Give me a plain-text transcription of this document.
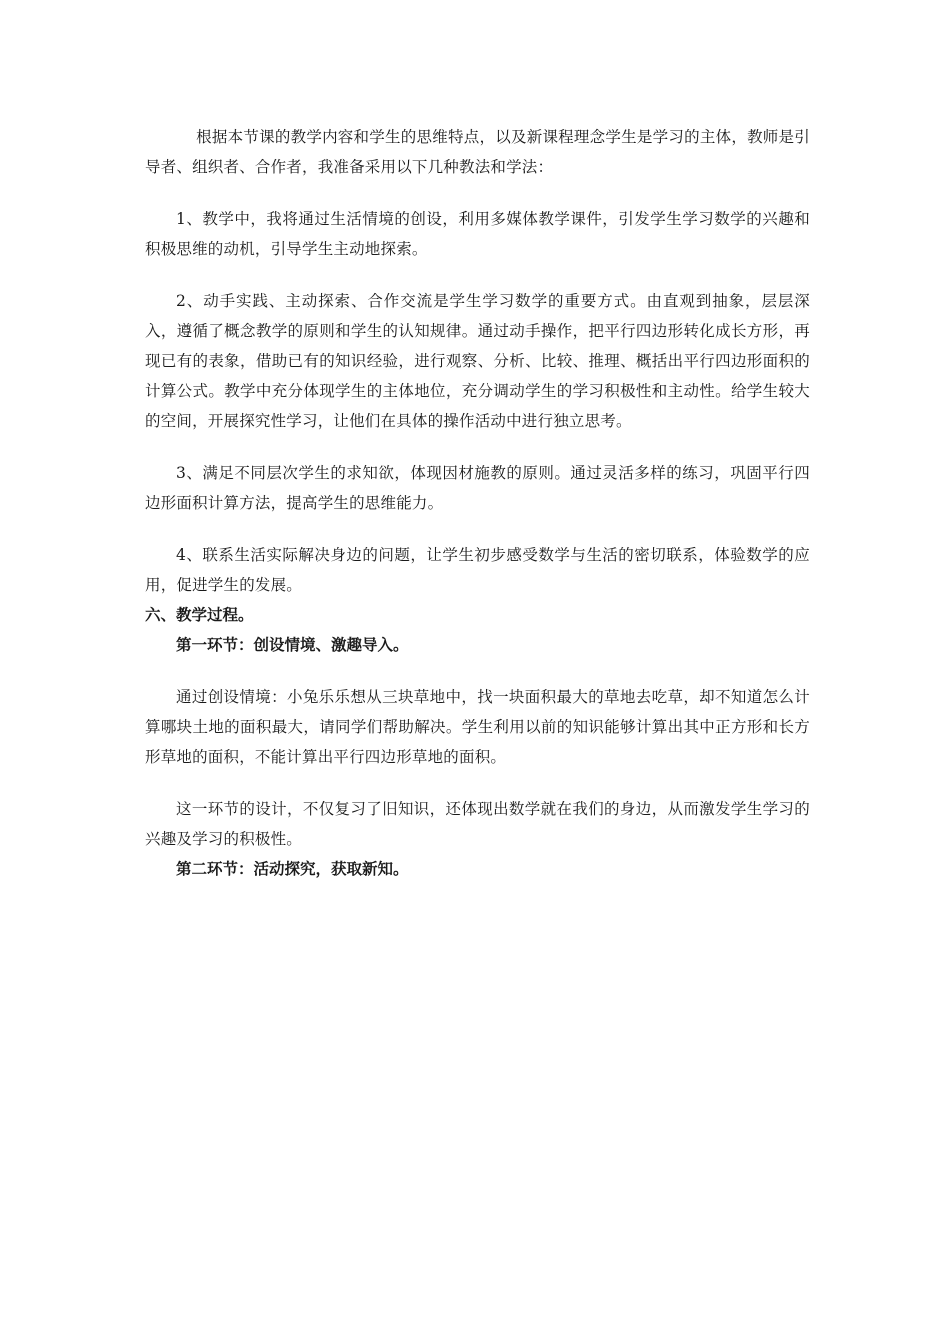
根据本节课的教学内容和学生的思维特点，以及新课程理念学生是学习的主体，教师是引导者、组织者、合作者，我准备采用以下几种教法和学法：

1、教学中，我将通过生活情境的创设，利用多媒体教学课件，引发学生学习数学的兴趣和积极思维的动机，引导学生主动地探索。

2、动手实践、主动探索、合作交流是学生学习数学的重要方式。由直观到抽象，层层深入，遵循了概念教学的原则和学生的认知规律。通过动手操作，把平行四边形转化成长方形，再现已有的表象，借助已有的知识经验，进行观察、分析、比较、推理、概括出平行四边形面积的计算公式。教学中充分体现学生的主体地位，充分调动学生的学习积极性和主动性。给学生较大的空间，开展探究性学习，让他们在具体的操作活动中进行独立思考。

3、满足不同层次学生的求知欲，体现因材施教的原则。通过灵活多样的练习，巩固平行四边形面积计算方法，提高学生的思维能力。

4、联系生活实际解决身边的问题，让学生初步感受数学与生活的密切联系，体验数学的应用，促进学生的发展。

六、教学过程。

第一环节：创设情境、激趣导入。

通过创设情境：小兔乐乐想从三块草地中，找一块面积最大的草地去吃草，却不知道怎么计算哪块土地的面积最大，请同学们帮助解决。学生利用以前的知识能够计算出其中正方形和长方形草地的面积，不能计算出平行四边形草地的面积。

这一环节的设计，不仅复习了旧知识，还体现出数学就在我们的身边，从而激发学生学习的兴趣及学习的积极性。

第二环节：活动探究，获取新知。
